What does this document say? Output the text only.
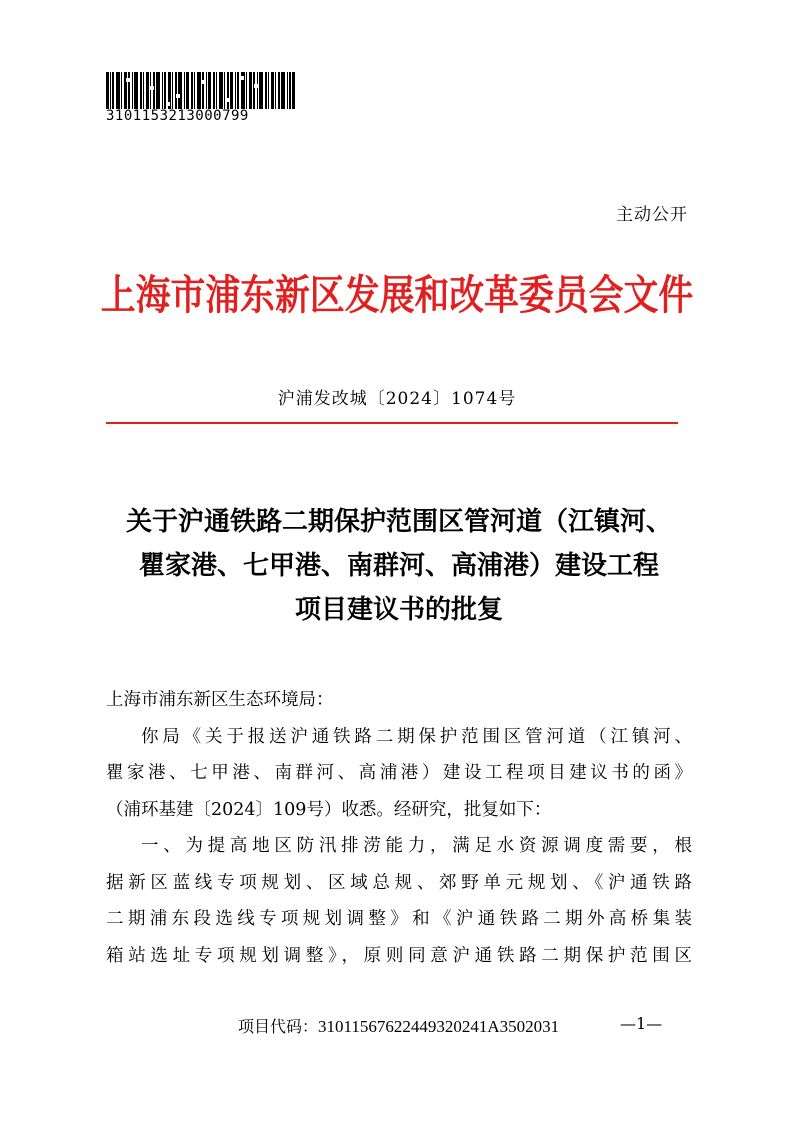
3101153213000799
主动公开
上海市浦东新区发展和改革委员会文件
沪浦发改城〔2024〕1074号
关于沪通铁路二期保护范围区管河道（江镇河、
瞿家港、七甲港、南群河、高浦港）建设工程
项目建议书的批复
上海市浦东新区生态环境局：
你局《关于报送沪通铁路二期保护范围区管河道（江镇河、
瞿家港、七甲港、南群河、高浦港）建设工程项目建议书的函》
（浦环基建〔2024〕109号）收悉。经研究，批复如下：
一、为提高地区防汛排涝能力，满足水资源调度需要，根
据新区蓝线专项规划、区域总规、郊野单元规划、《沪通铁路
二期浦东段选线专项规划调整》和《沪通铁路二期外高桥集装
箱站选址专项规划调整》，原则同意沪通铁路二期保护范围区
项目代码：31011567622449320241A3502031	—1—
